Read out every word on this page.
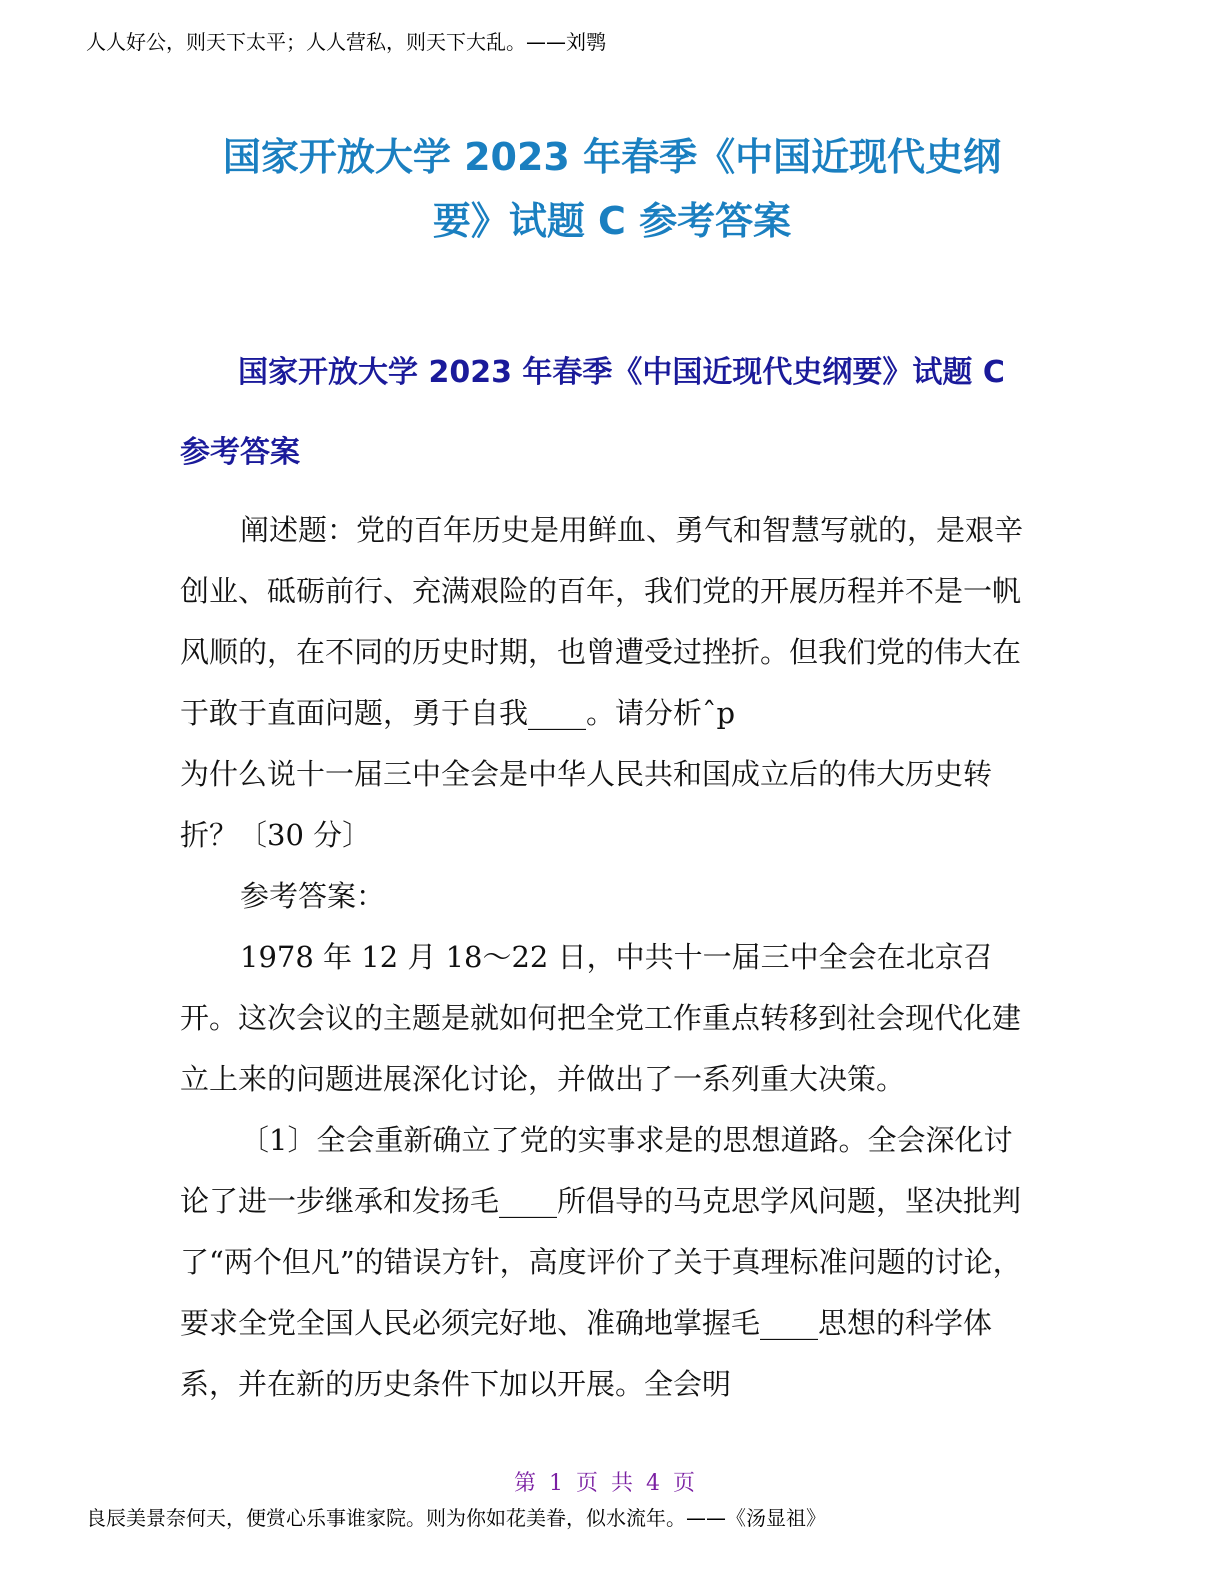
人人好公，则天下太平；人人营私，则天下大乱。——刘鹗
国家开放大学 2023 年春季《中国近现代史纲
要》试题 C 参考答案
国家开放大学 2023 年春季《中国近现代史纲要》试题 C
参考答案

阐述题：党的百年历史是用鲜血、勇气和智慧写就的，是艰辛创业、砥砺前行、充满艰险的百年，我们党的开展历程并不是一帆风顺的，在不同的历史时期，也曾遭受过挫折。但我们党的伟大在于敢于直面问题，勇于自我____。请分析ˆp

为什么说十一届三中全会是中华人民共和国成立后的伟大历史转折？〔30 分〕

参考答案：

1978 年 12 月 18～22 日，中共十一届三中全会在北京召开。这次会议的主题是就如何把全党工作重点转移到社会现代化建立上来的问题进展深化讨论，并做出了一系列重大决策。

〔1〕全会重新确立了党的实事求是的思想道路。全会深化讨论了进一步继承和发扬毛____所倡导的马克思学风问题，坚决批判了“两个但凡”的错误方针，高度评价了关于真理标准问题的讨论，要求全党全国人民必须完好地、准确地掌握毛____思想的科学体系，并在新的历史条件下加以开展。全会明

第 1 页 共 4 页
良辰美景奈何天，便赏心乐事谁家院。则为你如花美眷，似水流年。——《汤显祖》
